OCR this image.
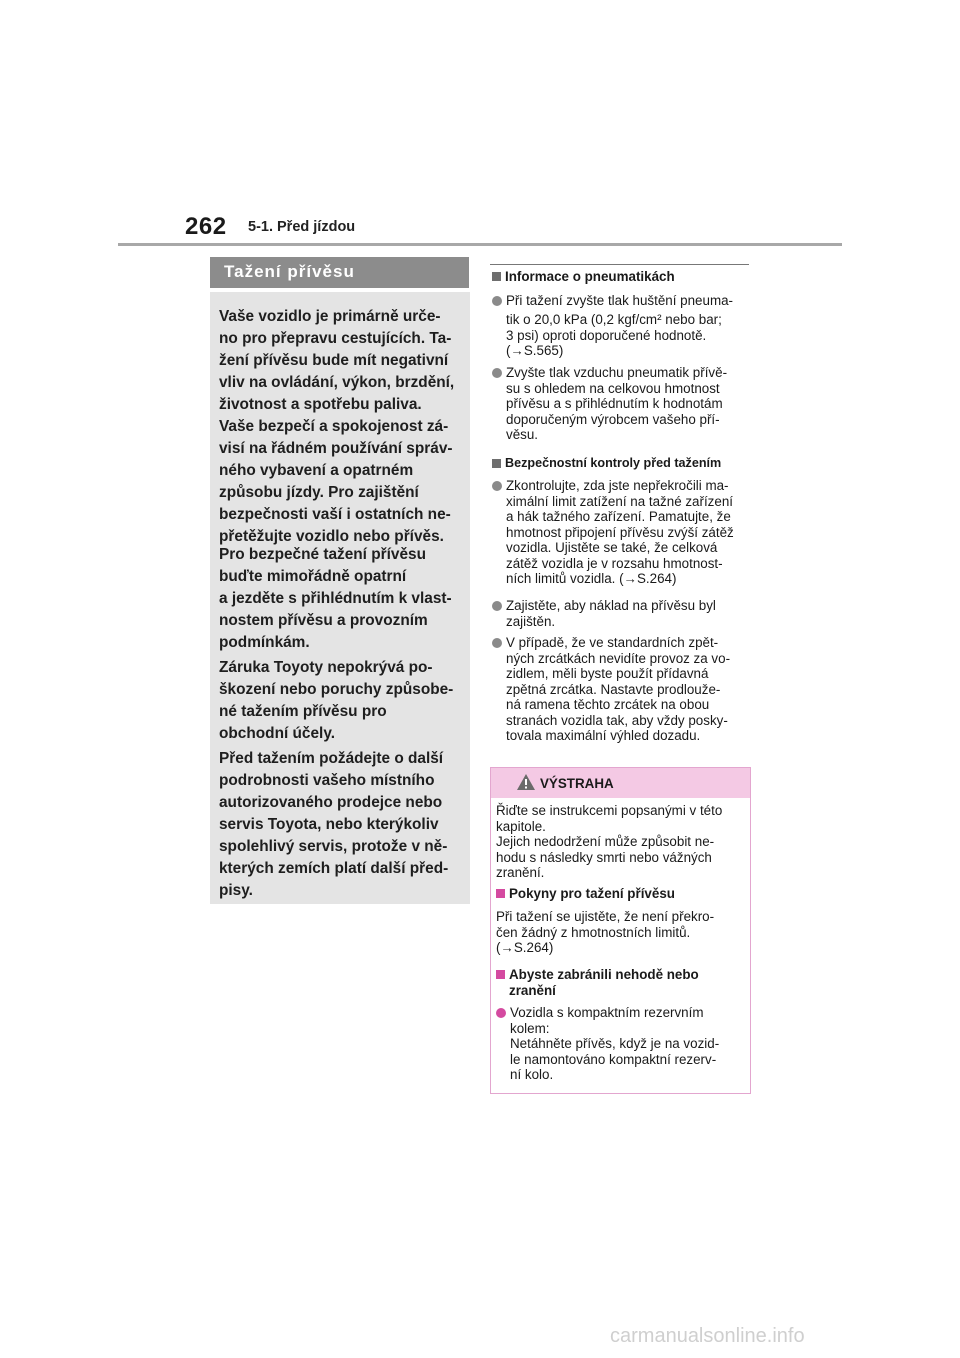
262 5-1. Před jízdou
Tažení přívěsu
Vaše vozidlo je primárně urče-
no pro přepravu cestujících. Ta-
žení přívěsu bude mít negativní
vliv na ovládání, výkon, brzdění,
životnost a spotřebu paliva.
Vaše bezpečí a spokojenost zá-
visí na řádném používání správ-
ného vybavení a opatrném
způsobu jízdy. Pro zajištění
bezpečnosti vaší i ostatních ne-
přetěžujte vozidlo nebo přívěs.
Pro bezpečné tažení přívěsu
buďte mimořádně opatrní
a jezděte s přihlédnutím k vlast-
nostem přívěsu a provozním
podmínkám.
Záruka Toyoty nepokrývá po-
škození nebo poruchy způsobe-
né tažením přívěsu pro
obchodní účely.
Před tažením požádejte o další
podrobnosti vašeho místního
autorizovaného prodejce nebo
servis Toyota, nebo kterýkoliv
spolehlivý servis, protože v ně-
kterých zemích platí další před-
pisy.
Informace o pneumatikách
Při tažení zvyšte tlak huštění pneuma-
tik o 20,0 kPa (0,2 kgf/cm² nebo bar;
3 psi) oproti doporučené hodnotě.
(→S.565)
Zvyšte tlak vzduchu pneumatik přívě-
su s ohledem na celkovou hmotnost
přívěsu a s přihlédnutím k hodnotám
doporučeným výrobcem vašeho pří-
věsu.
Bezpečnostní kontroly před tažením
Zkontrolujte, zda jste nepřekročili ma-
ximální limit zatížení na tažné zařízení
a hák tažného zařízení. Pamatujte, že
hmotnost připojení přívěsu zvýší zátěž
vozidla. Ujistěte se také, že celková
zátěž vozidla je v rozsahu hmotnost-
ních limitů vozidla. (→S.264)
Zajistěte, aby náklad na přívěsu byl
zajištěn.
V případě, že ve standardních zpět-
ných zrcátkách nevidíte provoz za vo-
zidlem, měli byste použít přídavná
zpětná zrcátka. Nastavte prodlouže-
ná ramena těchto zrcátek na obou
stranách vozidla tak, aby vždy posky-
tovala maximální výhled dozadu.
VÝSTRAHA
Řiďte se instrukcemi popsanými v této
kapitole.
Jejich nedodržení může způsobit ne-
hodu s následky smrti nebo vážných
zranění.
Pokyny pro tažení přívěsu
Při tažení se ujistěte, že není překro-
čen žádný z hmotnostních limitů.
(→S.264)
Abyste zabránili nehodě nebo
zranění
Vozidla s kompaktním rezervním
kolem:
Netáhněte přívěs, když je na vozid-
le namontováno kompaktní rezerv-
ní kolo.
carmanualsonline.info
